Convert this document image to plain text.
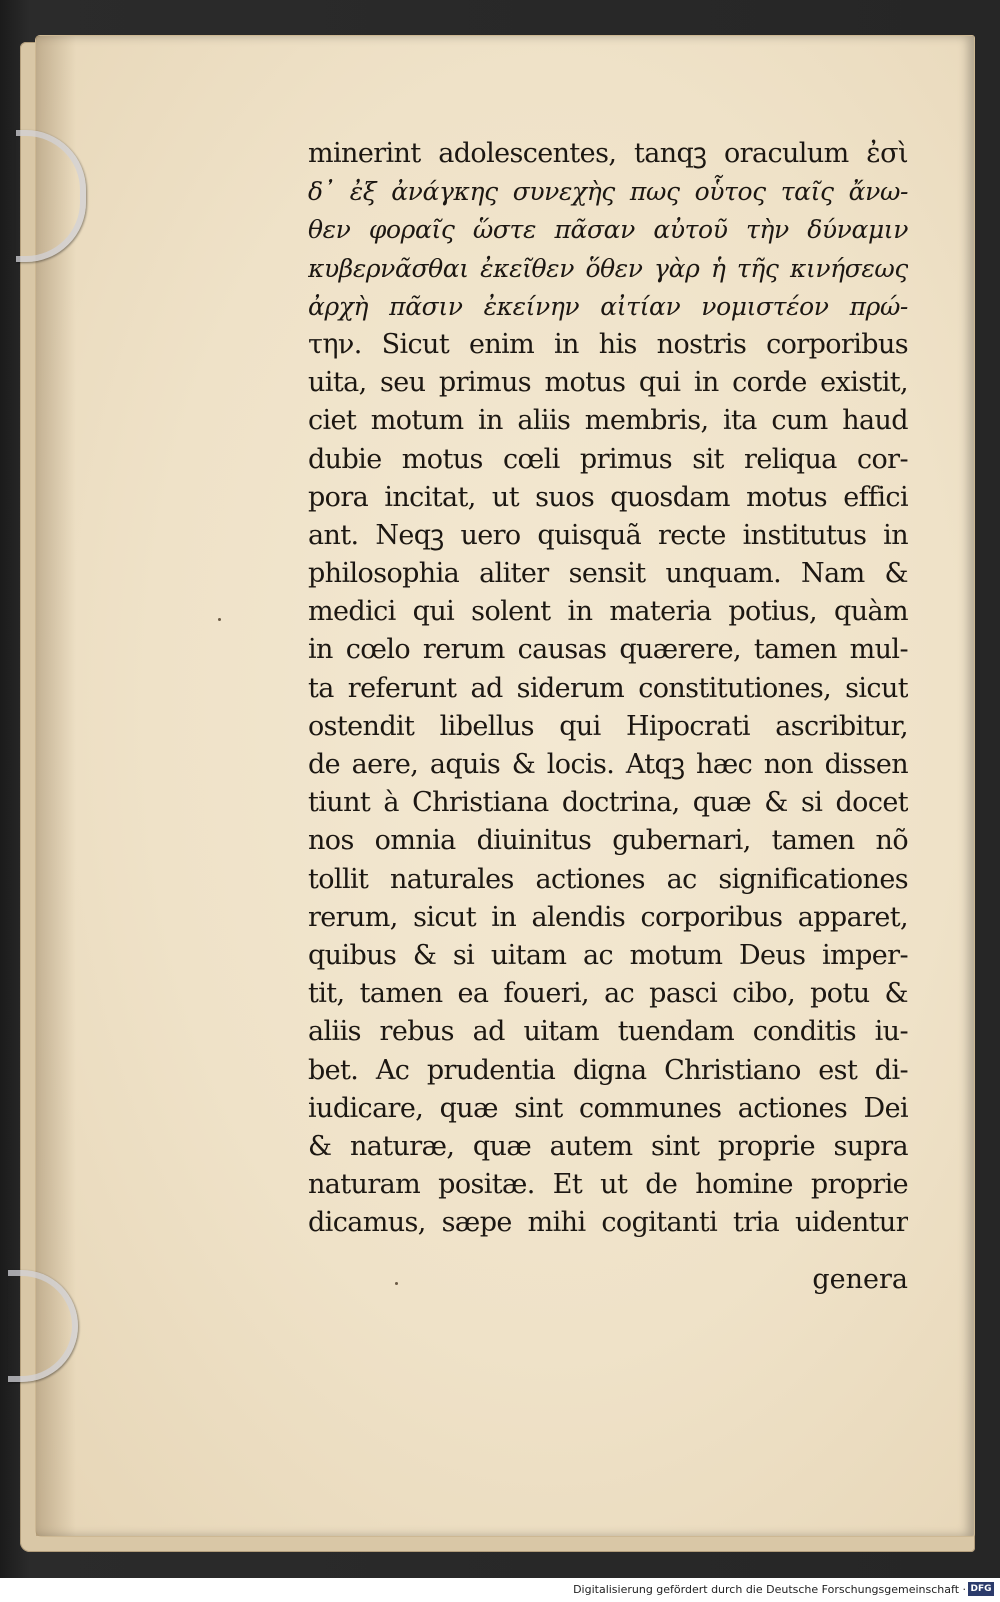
minerint adolescentes, tanqꝫ oraculum ἐσὶ
δ᾽ ἐξ ἀνάγκης συνεχὴς πως οὗτος ταῖς ἄνω-
θεν φοραῖς ὥστε πᾶσαν αὐτοῦ τὴν δύναμιν
κυβερνᾶσθαι ἐκεῖθεν ὅθεν γὰρ ἡ τῆς κινήσεως
ἀρχὴ πᾶσιν ἐκείνην αἰτίαν νομιστέον πρώ-
την. Sicut enim in his nostris corporibus
uita, seu primus motus qui in corde existit,
ciet motum in aliis membris, ita cum haud
dubie motus cœli primus sit reliqua cor-
pora incitat, ut suos quosdam motus effici
ant. Neqꝫ uero quisquã recte institutus in
philosophia aliter sensit unquam. Nam &
medici qui solent in materia potius, quàm
in cœlo rerum causas quærere, tamen mul-
ta referunt ad siderum constitutiones, sicut
ostendit libellus qui Hipocrati ascribitur,
de aere, aquis & locis. Atqꝫ hæc non dissen
tiunt à Christiana doctrina, quæ & si docet
nos omnia diuinitus gubernari, tamen nõ
tollit naturales actiones ac significationes
rerum, sicut in alendis corporibus apparet,
quibus & si uitam ac motum Deus imper-
tit, tamen ea foueri, ac pasci cibo, potu &
aliis rebus ad uitam tuendam conditis iu-
bet. Ac prudentia digna Christiano est di-
iudicare, quæ sint communes actiones Dei
& naturæ, quæ autem sint proprie supra
naturam positæ. Et ut de homine proprie
dicamus, sæpe mihi cogitanti tria uidentur
genera
Digitalisierung gefördert durch die Deutsche Forschungsgemeinschaft · DFG
